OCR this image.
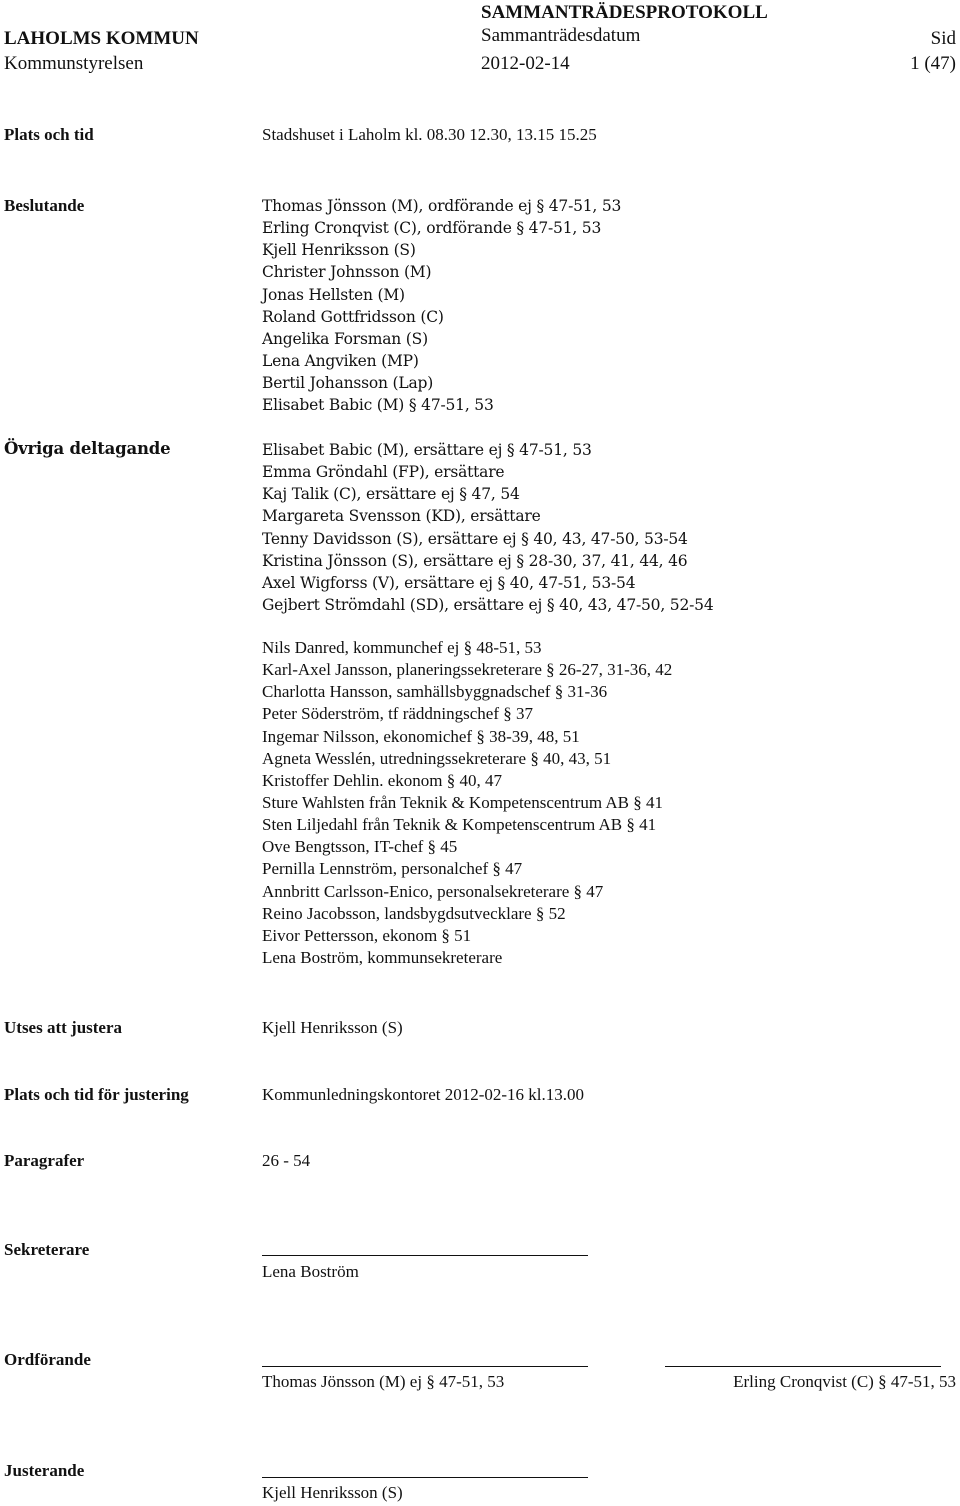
LAHOLMS KOMMUN
Kommunstyrelsen
SAMMANTRÄDESPROTOKOLL
Sammanträdesdatum
2012-02-14
Sid
1 (47)
Plats och tid	Stadshuset i Laholm kl. 08.30 12.30, 13.15 15.25
Beslutande	Thomas Jönsson (M), ordförande ej § 47-51, 53
Erling Cronqvist (C), ordförande § 47-51, 53
Kjell Henriksson (S)
Christer Johnsson (M)
Jonas Hellsten (M)
Roland Gottfridsson (C)
Angelika Forsman (S)
Lena Angviken (MP)
Bertil Johansson (Lap)
Elisabet Babic (M) § 47-51, 53
Övriga deltagande	Elisabet Babic (M), ersättare ej § 47-51, 53
Emma Gröndahl (FP), ersättare
Kaj Talik (C), ersättare ej § 47, 54
Margareta Svensson (KD), ersättare
Tenny Davidsson (S), ersättare ej § 40, 43, 47-50, 53-54
Kristina Jönsson (S), ersättare ej § 28-30, 37, 41, 44, 46
Axel Wigforss (V), ersättare ej § 40, 47-51, 53-54
Gejbert Strömdahl (SD), ersättare ej § 40, 43, 47-50, 52-54
Nils Danred, kommunchef ej § 48-51, 53
Karl-Axel Jansson, planeringssekreterare § 26-27, 31-36, 42
Charlotta Hansson, samhällsbyggnadschef § 31-36
Peter Söderström, tf räddningschef § 37
Ingemar Nilsson, ekonomichef § 38-39, 48, 51
Agneta Wesslén, utredningssekreterare § 40, 43, 51
Kristoffer Dehlin. ekonom § 40, 47
Sture Wahlsten från Teknik & Kompetenscentrum AB § 41
Sten Liljedahl från Teknik & Kompetenscentrum AB § 41
Ove Bengtsson, IT-chef § 45
Pernilla Lennström, personalchef § 47
Annbritt Carlsson-Enico, personalsekreterare § 47
Reino Jacobsson, landsbygdsutvecklare § 52
Eivor Pettersson, ekonom § 51
Lena Boström, kommunsekreterare
Utses att justera	Kjell Henriksson (S)
Plats och tid för justering	Kommunledningskontoret 2012-02-16 kl.13.00
Paragrafer	26 - 54
Sekreterare
Lena Boström
Ordförande
Thomas Jönsson (M) ej § 47-51, 53	Erling Cronqvist (C) § 47-51, 53
Justerande
Kjell Henriksson (S)
